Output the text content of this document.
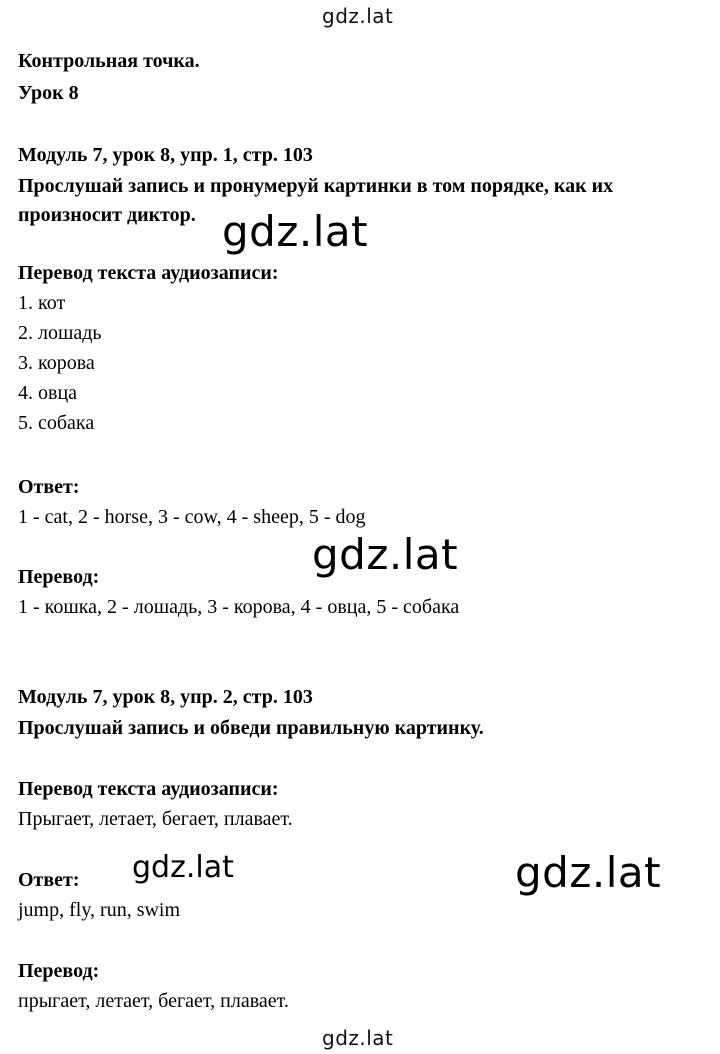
gdz.lat
gdz.lat
gdz.lat
gdz.lat	gdz.lat
gdz.lat
Контрольная точка.
Урок 8
Модуль 7, урок 8, упр. 1, стр. 103
Прослушай запись и пронумеруй картинки в том порядке, как их
произносит диктор.
Перевод текста аудиозаписи:
1. кот
2. лошадь
3. корова
4. овца
5. собака
Ответ:
1 - cat, 2 - horse, 3 - cow, 4 - sheep, 5 - dog
Перевод:
1 - кошка, 2 - лошадь, 3 - корова, 4 - овца, 5 - собака
Модуль 7, урок 8, упр. 2, стр. 103
Прослушай запись и обведи правильную картинку.
Перевод текста аудиозаписи:
Прыгает, летает, бегает, плавает.
Ответ:
jump, fly, run, swim
Перевод:
прыгает, летает, бегает, плавает.
